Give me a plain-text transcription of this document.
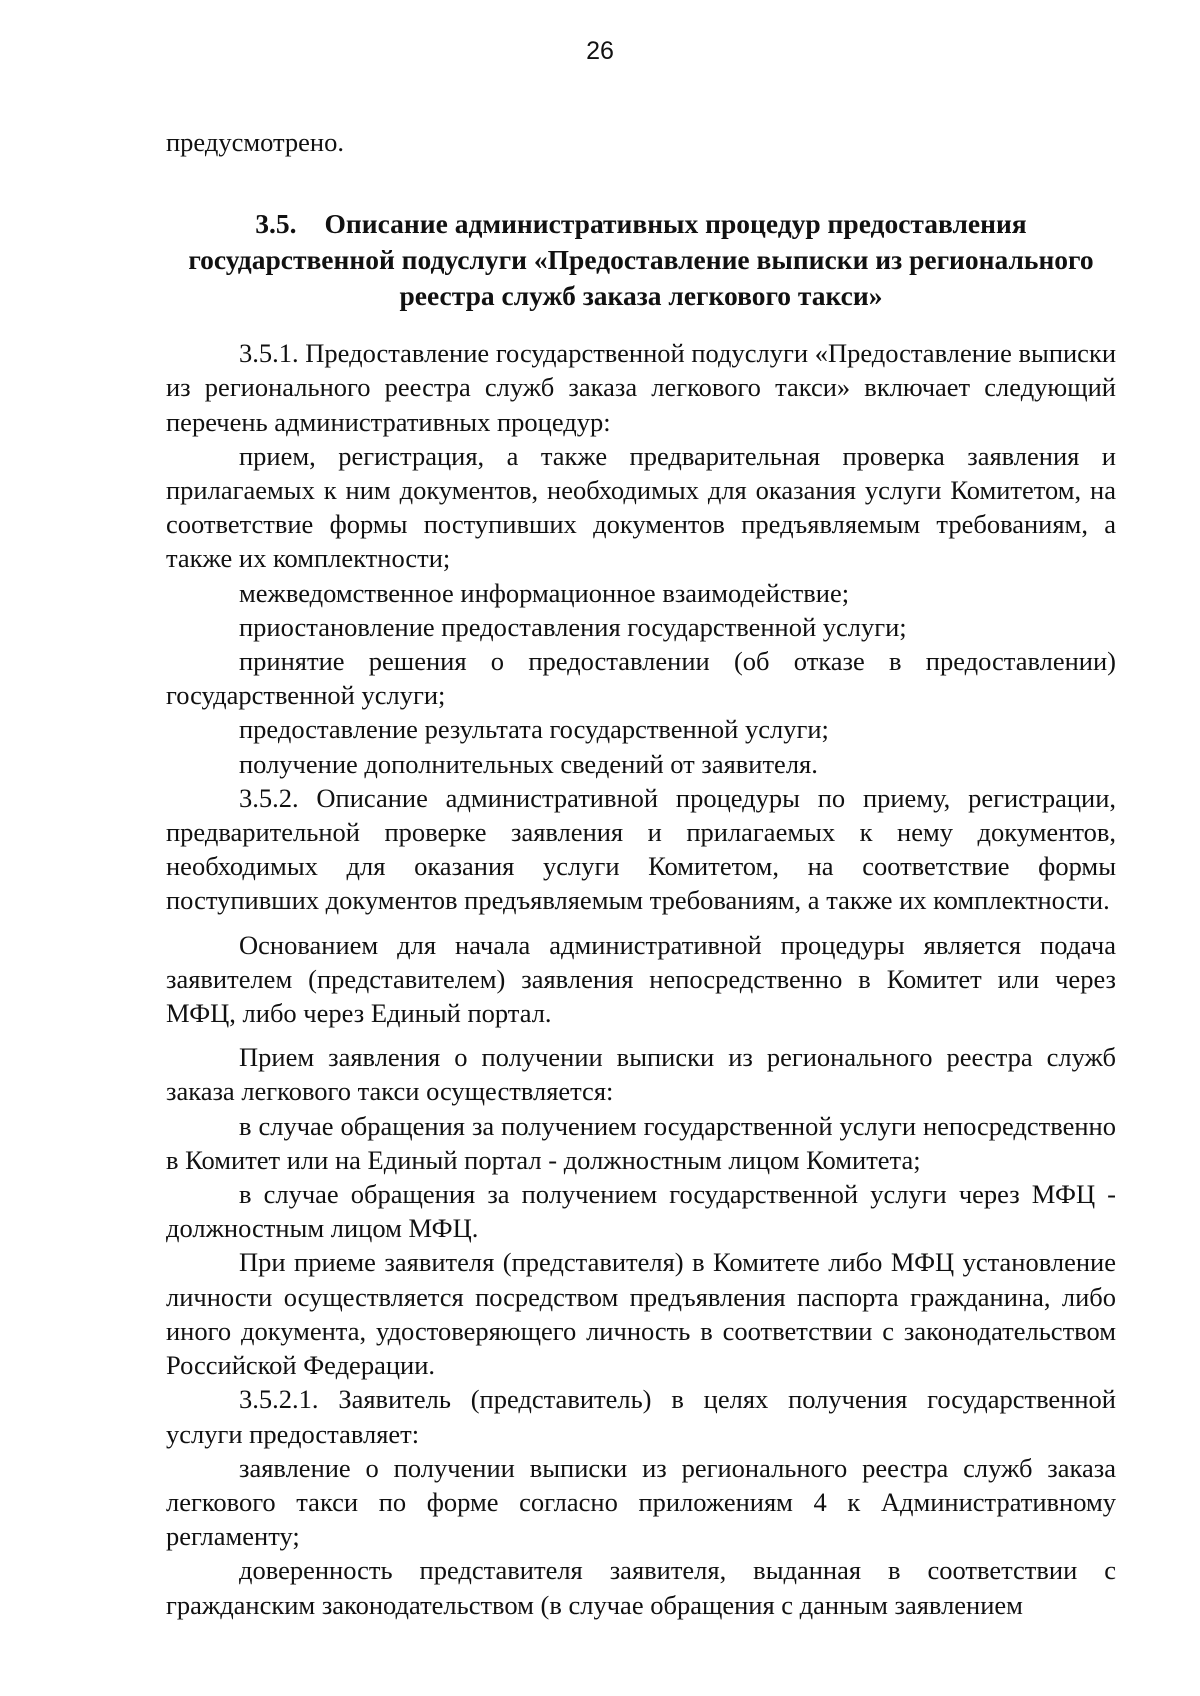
26

предусмотрено.

3.5. Описание административных процедур предоставления государственной подуслуги «Предоставление выписки из регионального реестра служб заказа легкового такси»

3.5.1. Предоставление государственной подуслуги «Предоставление выписки из регионального реестра служб заказа легкового такси» включает следующий перечень административных процедур:

прием, регистрация, а также предварительная проверка заявления и прилагаемых к ним документов, необходимых для оказания услуги Комитетом, на соответствие формы поступивших документов предъявляемым требованиям, а также их комплектности;

межведомственное информационное взаимодействие;

приостановление предоставления государственной услуги;

принятие решения о предоставлении (об отказе в предоставлении) государственной услуги;

предоставление результата государственной услуги;

получение дополнительных сведений от заявителя.

3.5.2. Описание административной процедуры по приему, регистрации, предварительной проверке заявления и прилагаемых к нему документов, необходимых для оказания услуги Комитетом, на соответствие формы поступивших документов предъявляемым требованиям, а также их комплектности.

Основанием для начала административной процедуры является подача заявителем (представителем) заявления непосредственно в Комитет или через МФЦ, либо через Единый портал.

Прием заявления о получении выписки из регионального реестра служб заказа легкового такси осуществляется:

в случае обращения за получением государственной услуги непосредственно в Комитет или на Единый портал - должностным лицом Комитета;

в случае обращения за получением государственной услуги через МФЦ - должностным лицом МФЦ.

При приеме заявителя (представителя) в Комитете либо МФЦ установление личности осуществляется посредством предъявления паспорта гражданина, либо иного документа, удостоверяющего личность в соответствии с законодательством Российской Федерации.

3.5.2.1. Заявитель (представитель) в целях получения государственной услуги предоставляет:

заявление о получении выписки из регионального реестра служб заказа легкового такси по форме согласно приложениям 4 к Административному регламенту;

доверенность представителя заявителя, выданная в соответствии с гражданским законодательством (в случае обращения с данным заявлением
